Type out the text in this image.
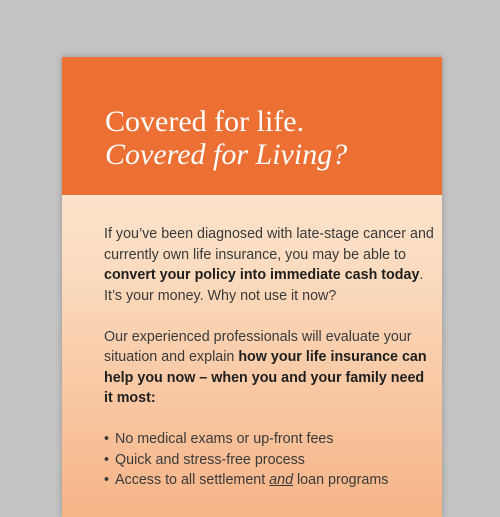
Covered for life.
Covered for Living?

If you’ve been diagnosed with late-stage cancer and currently own life insurance, you may be able to convert your policy into immediate cash today. It’s your money. Why not use it now?

Our experienced professionals will evaluate your situation and explain how your life insurance can help you now – when you and your family need it most:

• No medical exams or up-front fees
• Quick and stress-free process
• Access to all settlement and loan programs
